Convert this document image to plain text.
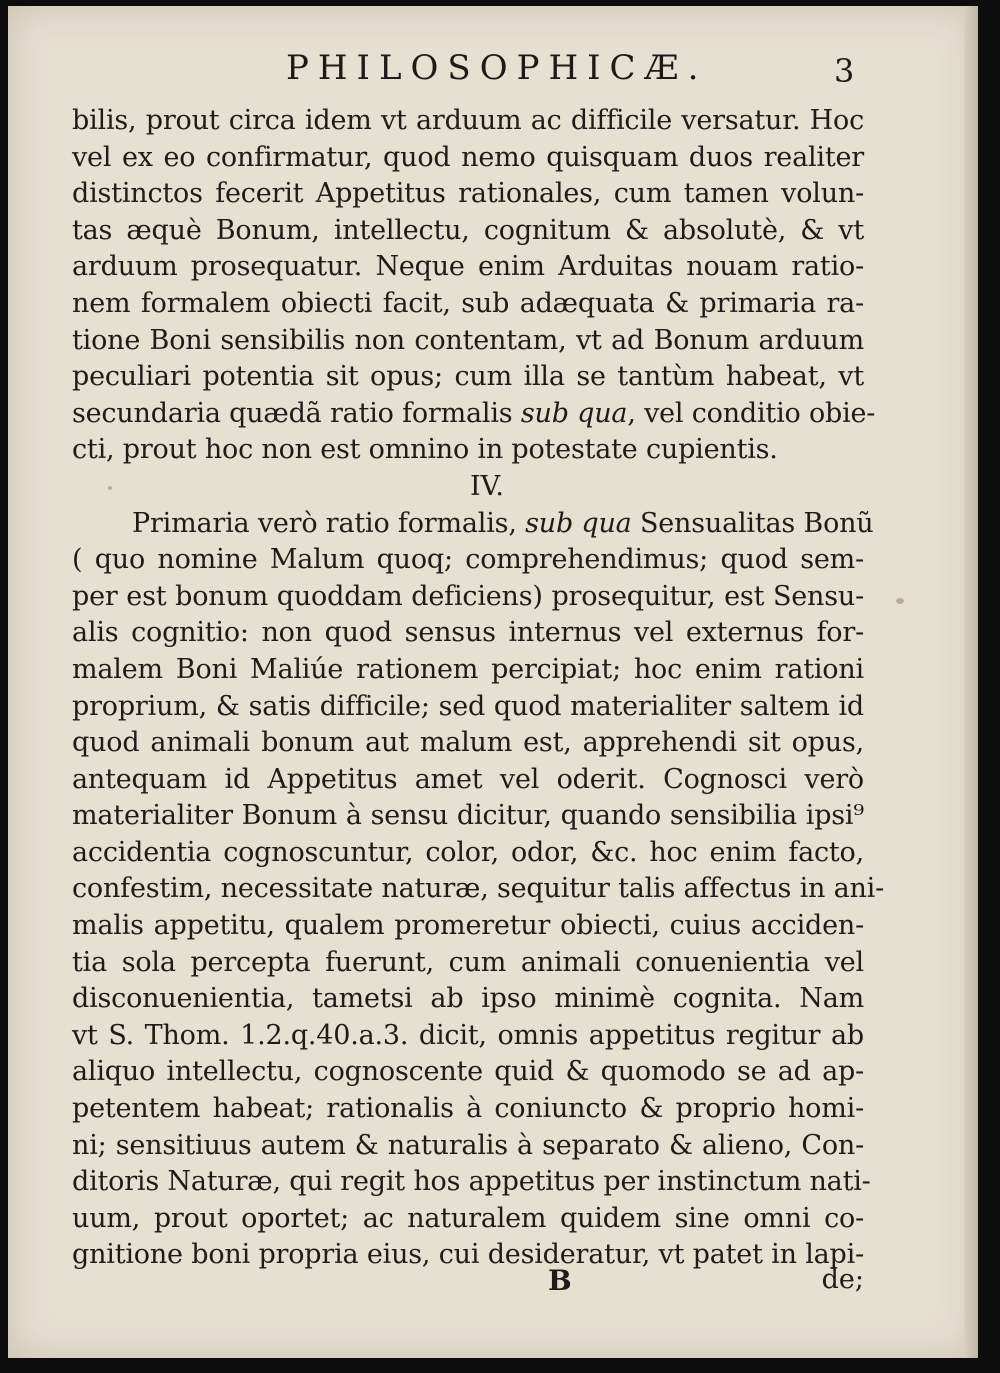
PHILOSOPHICÆ.	3
bilis, prout circa idem vt arduum ac difficile versatur. Hoc
vel ex eo confirmatur, quod nemo quisquam duos realiter
distinctos fecerit Appetitus rationales, cum tamen volun-
tas æquè Bonum, intellectu, cognitum & absolutè, & vt
arduum prosequatur. Neque enim Arduitas nouam ratio-
nem formalem obiecti facit, sub adæquata & primaria ra-
tione Boni sensibilis non contentam, vt ad Bonum arduum
peculiari potentia sit opus; cum illa se tantùm habeat, vt
secundaria quædã ratio formalis sub qua, vel conditio obie-
cti, prout hoc non est omnino in potestate cupientis.
IV.
Primaria verò ratio formalis, sub qua Sensualitas Bonũ
( quo nomine Malum quoq; comprehendimus; quod sem-
per est bonum quoddam deficiens) prosequitur, est Sensu-
alis cognitio: non quod sensus internus vel externus for-
malem Boni Maliúe rationem percipiat; hoc enim rationi
proprium, & satis difficile; sed quod materialiter saltem id
quod animali bonum aut malum est, apprehendi sit opus,
antequam id Appetitus amet vel oderit. Cognosci verò
materialiter Bonum à sensu dicitur, quando sensibilia ipsi⁹
accidentia cognoscuntur, color, odor, &c. hoc enim facto,
confestim, necessitate naturæ, sequitur talis affectus in ani-
malis appetitu, qualem promeretur obiecti, cuius acciden-
tia sola percepta fuerunt, cum animali conuenientia vel
disconuenientia, tametsi ab ipso minimè cognita. Nam
vt S. Thom. 1.2.q.40.a.3. dicit, omnis appetitus regitur ab
aliquo intellectu, cognoscente quid & quomodo se ad ap-
petentem habeat; rationalis à coniuncto & proprio homi-
ni; sensitiuus autem & naturalis à separato & alieno, Con-
ditoris Naturæ, qui regit hos appetitus per instinctum nati-
uum, prout oportet; ac naturalem quidem sine omni co-
gnitione boni propria eius, cui desideratur, vt patet in lapi-
B	de;
